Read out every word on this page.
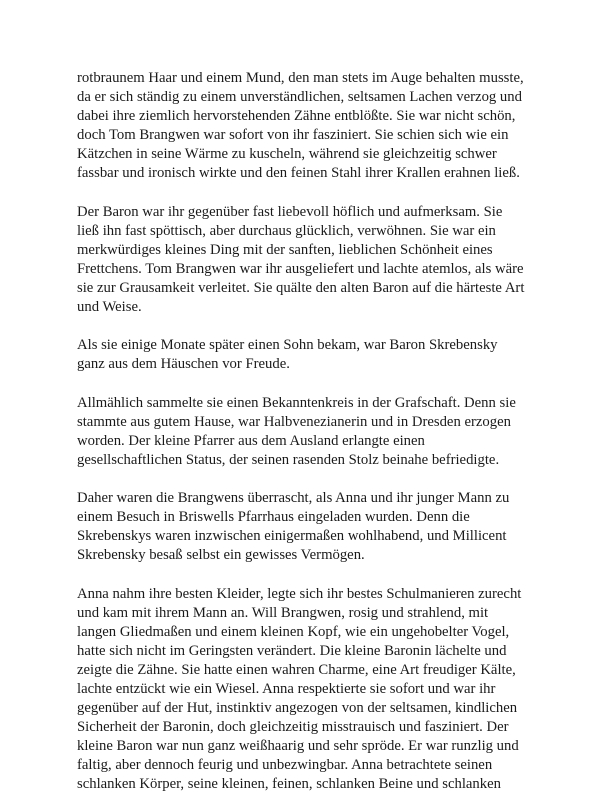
rotbraunem Haar und einem Mund, den man stets im Auge behalten musste,
da er sich ständig zu einem unverständlichen, seltsamen Lachen verzog und
dabei ihre ziemlich hervorstehenden Zähne entblößte. Sie war nicht schön,
doch Tom Brangwen war sofort von ihr fasziniert. Sie schien sich wie ein
Kätzchen in seine Wärme zu kuscheln, während sie gleichzeitig schwer
fassbar und ironisch wirkte und den feinen Stahl ihrer Krallen erahnen ließ.

Der Baron war ihr gegenüber fast liebevoll höflich und aufmerksam. Sie
ließ ihn fast spöttisch, aber durchaus glücklich, verwöhnen. Sie war ein
merkwürdiges kleines Ding mit der sanften, lieblichen Schönheit eines
Frettchens. Tom Brangwen war ihr ausgeliefert und lachte atemlos, als wäre
sie zur Grausamkeit verleitet. Sie quälte den alten Baron auf die härteste Art
und Weise.

Als sie einige Monate später einen Sohn bekam, war Baron Skrebensky
ganz aus dem Häuschen vor Freude.

Allmählich sammelte sie einen Bekanntenkreis in der Grafschaft. Denn sie
stammte aus gutem Hause, war Halbvenezianerin und in Dresden erzogen
worden. Der kleine Pfarrer aus dem Ausland erlangte einen
gesellschaftlichen Status, der seinen rasenden Stolz beinahe befriedigte.

Daher waren die Brangwens überrascht, als Anna und ihr junger Mann zu
einem Besuch in Briswells Pfarrhaus eingeladen wurden. Denn die
Skrebenskys waren inzwischen einigermaßen wohlhabend, und Millicent
Skrebensky besaß selbst ein gewisses Vermögen.

Anna nahm ihre besten Kleider, legte sich ihr bestes Schulmanieren zurecht
und kam mit ihrem Mann an. Will Brangwen, rosig und strahlend, mit
langen Gliedmaßen und einem kleinen Kopf, wie ein ungehobelter Vogel,
hatte sich nicht im Geringsten verändert. Die kleine Baronin lächelte und
zeigte die Zähne. Sie hatte einen wahren Charme, eine Art freudiger Kälte,
lachte entzückt wie ein Wiesel. Anna respektierte sie sofort und war ihr
gegenüber auf der Hut, instinktiv angezogen von der seltsamen, kindlichen
Sicherheit der Baronin, doch gleichzeitig misstrauisch und fasziniert. Der
kleine Baron war nun ganz weißhaarig und sehr spröde. Er war runzlig und
faltig, aber dennoch feurig und unbezwingbar. Anna betrachtete seinen
schlanken Körper, seine kleinen, feinen, schlanken Beine und schlanken
